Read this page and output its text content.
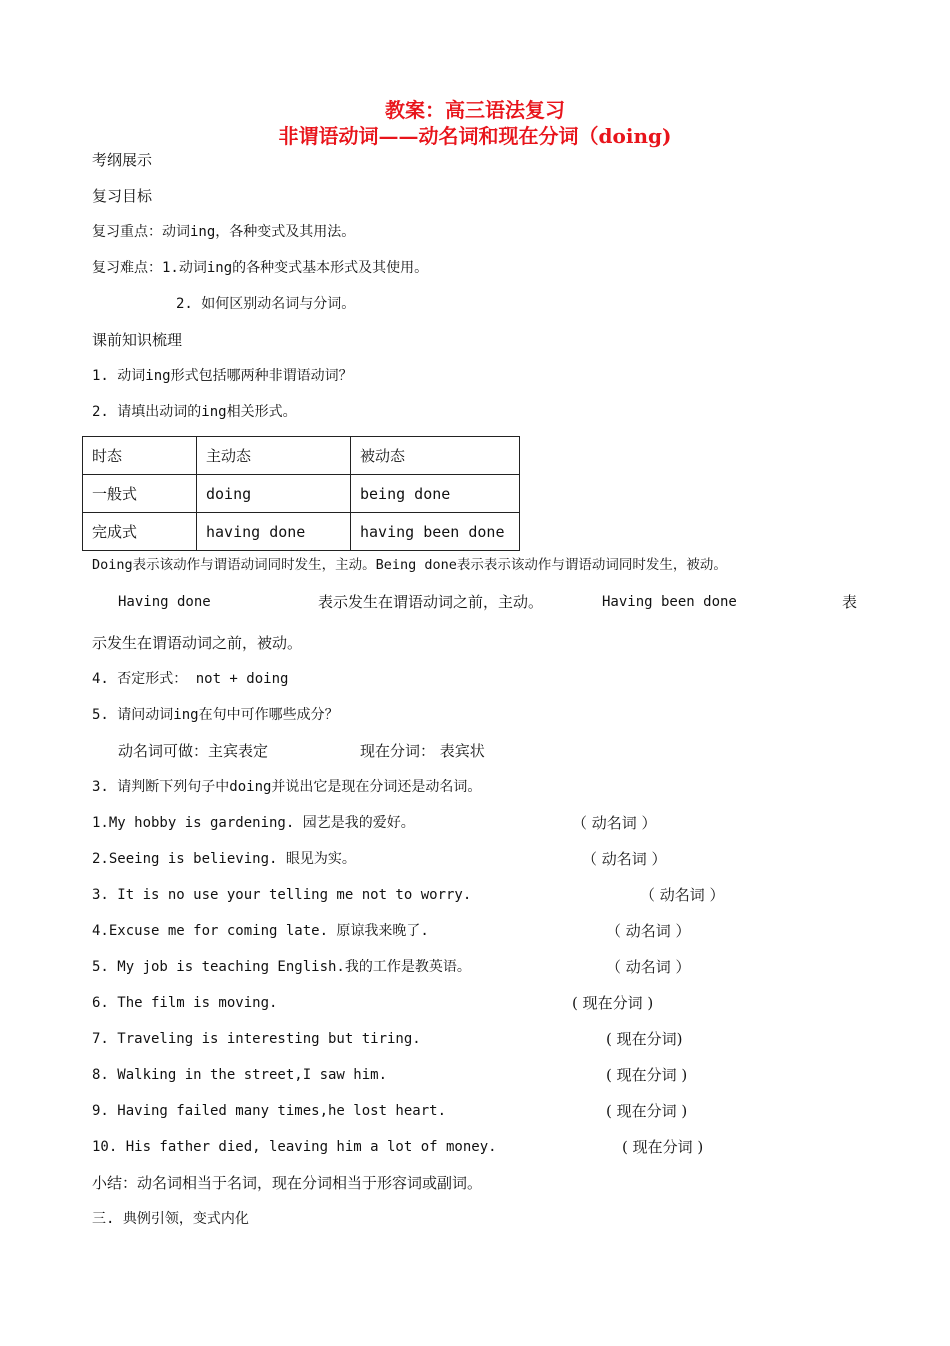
教案：高三语法复习
非谓语动词——动名词和现在分词（doing)
考纲展示
复习目标
复习重点：动词ing，各种变式及其用法。
复习难点：1.动词ing的各种变式基本形式及其使用。
2. 如何区别动名词与分词。
课前知识梳理
1. 动词ing形式包括哪两种非谓语动词？
2. 请填出动词的ing相关形式。
时态	主动态	被动态
一般式	doing	being done
完成式	having done	having been done
Doing表示该动作与谓语动词同时发生，主动。Being done表示表示该动作与谓语动词同时发生，被动。
Having done	表示发生在谓语动词之前，主动。	Having been done	表
示发生在谓语动词之前，被动。
4. 否定形式： not + doing
5. 请问动词ing在句中可作哪些成分？
动名词可做：主宾表定	现在分词： 表宾状
3. 请判断下列句子中doing并说出它是现在分词还是动名词。
1.My hobby is gardening. 园艺是我的爱好。	（ 动名词 ）
2.Seeing is believing. 眼见为实。	（ 动名词 ）
3. It is no use your telling me not to worry.	（ 动名词 ）
4.Excuse me for coming late. 原谅我来晚了.	（ 动名词 ）
5. My job is teaching English.我的工作是教英语。	（ 动名词 ）
6. The film is moving.	( 现在分词 )
7. Traveling is interesting but tiring.	( 现在分词)
8. Walking in the street,I saw him.	( 现在分词 )
9. Having failed many times,he lost heart.	( 现在分词 )
10. His father died, leaving him a lot of money.	( 现在分词 )
小结：动名词相当于名词，现在分词相当于形容词或副词。
三. 典例引领，变式内化
